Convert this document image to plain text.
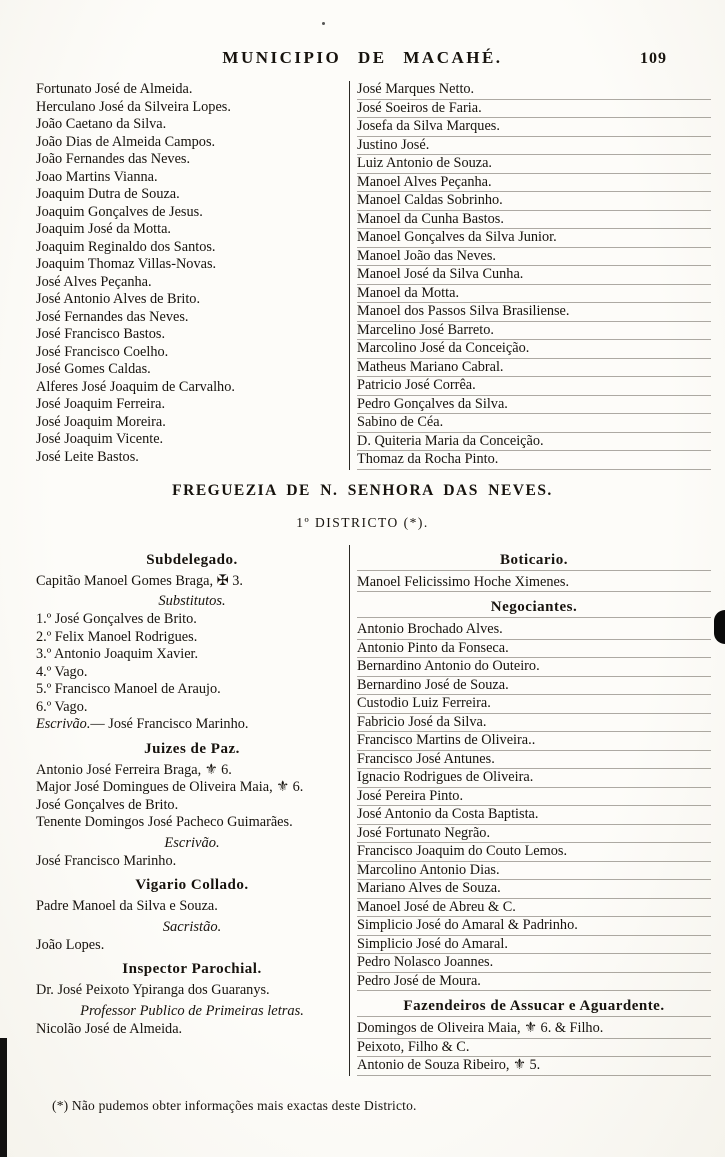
MUNICIPIO DE MACAHÉ.	109
Fortunato José de Almeida.
Herculano José da Silveira Lopes.
João Caetano da Silva.
João Dias de Almeida Campos.
João Fernandes das Neves.
Joao Martins Vianna.
Joaquim Dutra de Souza.
Joaquim Gonçalves de Jesus.
Joaquim José da Motta.
Joaquim Reginaldo dos Santos.
Joaquim Thomaz Villas-Novas.
José Alves Peçanha.
José Antonio Alves de Brito.
José Fernandes das Neves.
José Francisco Bastos.
José Francisco Coelho.
José Gomes Caldas.
Alferes José Joaquim de Carvalho.
José Joaquim Ferreira.
José Joaquim Moreira.
José Joaquim Vicente.
José Leite Bastos.
José Marques Netto.
José Soeiros de Faria.
Josefa da Silva Marques.
Justino José.
Luiz Antonio de Souza.
Manoel Alves Peçanha.
Manoel Caldas Sobrinho.
Manoel da Cunha Bastos.
Manoel Gonçalves da Silva Junior.
Manoel João das Neves.
Manoel José da Silva Cunha.
Manoel da Motta.
Manoel dos Passos Silva Brasiliense.
Marcelino José Barreto.
Marcolino José da Conceição.
Matheus Mariano Cabral.
Patricio José Corrêa.
Pedro Gonçalves da Silva.
Sabino de Céa.
D. Quiteria Maria da Conceição.
Thomaz da Rocha Pinto.
FREGUEZIA DE N. SENHORA DAS NEVES.
1º DISTRICTO (*).
Subdelegado.
Capitão Manoel Gomes Braga, ✠ 3.
Substitutos.
1.º José Gonçalves de Brito.
2.º Felix Manoel Rodrigues.
3.º Antonio Joaquim Xavier.
4.º Vago.
5.º Francisco Manoel de Araujo.
6.º Vago.
Escrivão.— José Francisco Marinho.
Juizes de Paz.
Antonio José Ferreira Braga, ⚜ 6.
Major José Domingues de Oliveira Maia, ⚜ 6.
José Gonçalves de Brito.
Tenente Domingos José Pacheco Guimarães.
Escrivão.
José Francisco Marinho.
Vigario Collado.
Padre Manoel da Silva e Souza.
Sacristão.
João Lopes.
Inspector Parochial.
Dr. José Peixoto Ypiranga dos Guaranys.
Professor Publico de Primeiras letras.
Nicolão José de Almeida.
Boticario.
Manoel Felicissimo Hoche Ximenes.
Negociantes.
Antonio Brochado Alves.
Antonio Pinto da Fonseca.
Bernardino Antonio do Outeiro.
Bernardino José de Souza.
Custodio Luiz Ferreira.
Fabricio José da Silva.
Francisco Martins de Oliveira..
Francisco José Antunes.
Ignacio Rodrigues de Oliveira.
José Pereira Pinto.
José Antonio da Costa Baptista.
José Fortunato Negrão.
Francisco Joaquim do Couto Lemos.
Marcolino Antonio Dias.
Mariano Alves de Souza.
Manoel José de Abreu & C.
Simplicio José do Amaral & Padrinho.
Simplicio José do Amaral.
Pedro Nolasco Joannes.
Pedro José de Moura.
Fazendeiros de Assucar e Aguardente.
Domingos de Oliveira Maia, ⚜ 6. & Filho.
Peixoto, Filho & C.
Antonio de Souza Ribeiro, ⚜ 5.
(*) Não pudemos obter informações mais exactas deste Districto.
